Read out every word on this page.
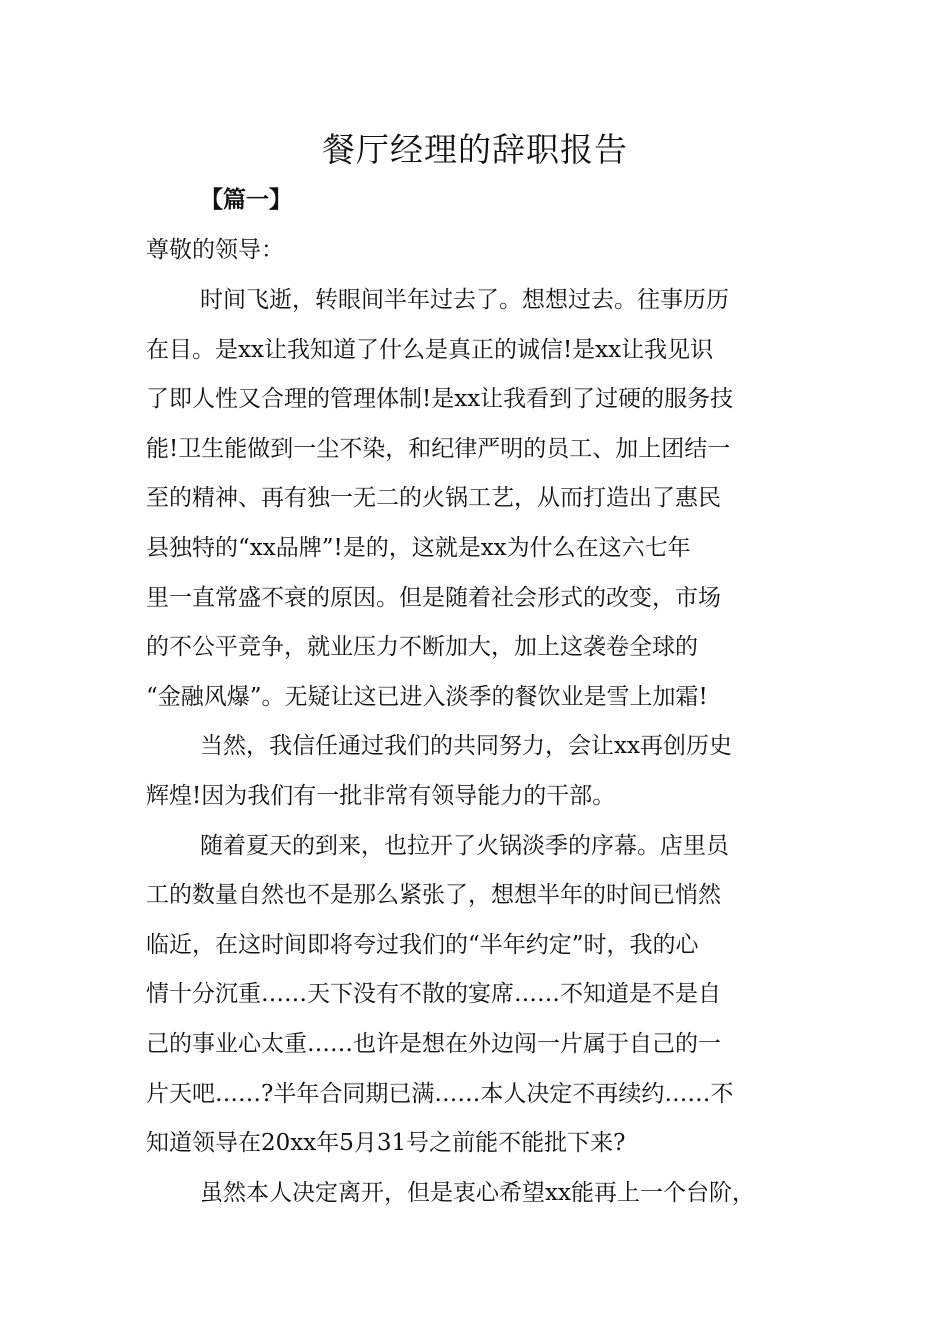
餐厅经理的辞职报告
【篇一】
尊敬的领导：
时间飞逝，转眼间半年过去了。想想过去。往事历历
在目。是xx让我知道了什么是真正的诚信!是xx让我见识
了即人性又合理的管理体制!是xx让我看到了过硬的服务技
能!卫生能做到一尘不染，和纪律严明的员工、加上团结一
至的精神、再有独一无二的火锅工艺，从而打造出了惠民
县独特的“xx品牌”!是的，这就是xx为什么在这六七年
里一直常盛不衰的原因。但是随着社会形式的改变，市场
的不公平竞争，就业压力不断加大，加上这袭卷全球的
“金融风爆”。无疑让这已进入淡季的餐饮业是雪上加霜!
当然，我信任通过我们的共同努力，会让xx再创历史
辉煌!因为我们有一批非常有领导能力的干部。
随着夏天的到来，也拉开了火锅淡季的序幕。店里员
工的数量自然也不是那么紧张了，想想半年的时间已悄然
临近，在这时间即将夸过我们的“半年约定”时，我的心
情十分沉重……天下没有不散的宴席……不知道是不是自
己的事业心太重……也许是想在外边闯一片属于自己的一
片天吧……?半年合同期已满……本人决定不再续约……不
知道领导在20xx年5月31号之前能不能批下来?
虽然本人决定离开，但是衷心希望xx能再上一个台阶，
